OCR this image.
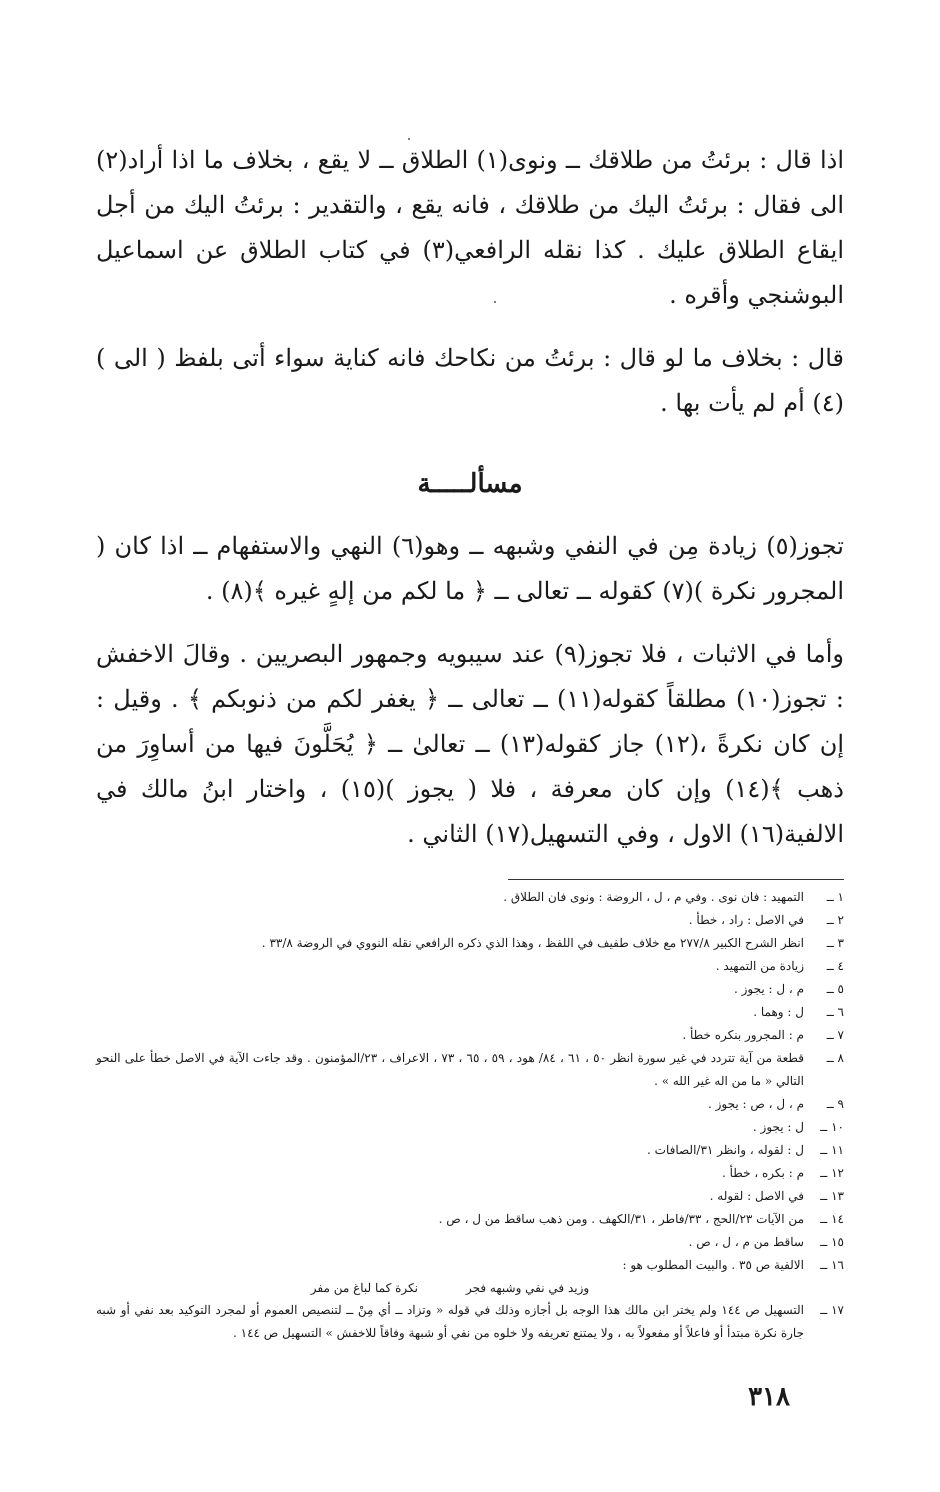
اذا قال : برئتُ من طلاقك ــ ونوى(١) الطلاق ــ لا يقع ، بخلاف ما اذا أراد(٢) الى فقال : برئتُ اليك من طلاقك ، فانه يقع ، والتقدير : برئتُ اليك من أجل ايقاع الطلاق عليك . كذا نقله الرافعي(٣) في كتاب الطلاق عن اسماعيل البوشنجي وأقره .

قال : بخلاف ما لو قال : برئتُ من نكاحك فانه كناية سواء أتى بلفظ ( الى )(٤) أم لم يأت بها .

مسألـــــة

تجوز(٥) زيادة مِن في النفي وشبهه ــ وهو(٦) النهي والاستفهام ــ اذا كان ( المجرور نكرة )(٧) كقوله ــ تعالى ــ ﴿ ما لكم من إلهٍ غيره ﴾(٨) .

وأما في الاثبات ، فلا تجوز(٩) عند سيبويه وجمهور البصريين . وقالَ الاخفش : تجوز(١٠) مطلقاً كقوله(١١) ــ تعالى ــ ﴿ يغفر لكم من ذنوبكم ﴾ . وقيل : إن كان نكرةً ،(١٢) جاز كقوله(١٣) ــ تعالىٰ ــ ﴿ يُحَلَّونَ فيها من أساوِرَ من ذهب ﴾(١٤) وإن كان معرفة ، فلا ( يجوز )(١٥) ، واختار ابنُ مالك في الالفية(١٦) الاول ، وفي التسهيل(١٧) الثاني .

١ ــ
التمهيد : فان نوى . وفي م ، ل ، الروضة : ونوى فان الطلاق .
٢ ــ
في الاصل : راد ، خطأ .
٣ ــ
انظر الشرح الكبير ٢٧٧/٨ مع خلاف طفيف في اللفظ ، وهذا الذي ذكره الرافعي نقله النووي في الروضة ٣٣/٨ .
٤ ــ
زيادة من التمهيد .
٥ ــ
م ، ل : يجوز .
٦ ــ
ل : وهما .
٧ ــ
م : المجرور بنكره خطأ .
٨ ــ
قطعة من آية تتردد في غير سورة انظر ٥٠ ، ٦١ ، ٨٤/ هود ، ٥٩ ، ٦٥ ، ٧٣ ، الاعراف ، ٢٣/المؤمنون . وقد جاءت الآية في الاصل خطأ على النحو التالي « ما من اله غير الله » .
٩ ــ
م ، ل ، ص : يجوز .
١٠ ــ
ل : يجوز .
١١ ــ
ل : لقوله ، وانظر ٣١/الصافات .
١٢ ــ
م : بكره ، خطأ .
١٣ ــ
في الاصل : لقوله .
١٤ ــ
من الآيات ٢٣/الحج ، ٣٣/فاطر ، ٣١/الكهف . ومن ذهب ساقط من ل ، ص .
١٥ ــ
ساقط من م ، ل ، ص .
١٦ ــ
الالفية ص ٣٥ . والبيت المطلوب هو :
وزيد في نفي وشبهه فجر
نكرة كما لباغ من مفر
١٧ ــ
التسهيل ص ١٤٤ ولم يختر ابن مالك هذا الوجه بل أجازه وذلك في قوله « وتزاد ــ أي مِنْ ــ لتنصيص العموم أو لمجرد التوكيد بعد نفي أو شبه جارة نكرة مبتدأ أو فاعلاً أو مفعولاً به ، ولا يمتنع تعريفه ولا خلوه من نفي أو شبهة وفاقاً للاخفش » التسهيل ص ١٤٤ .
٣١٨
